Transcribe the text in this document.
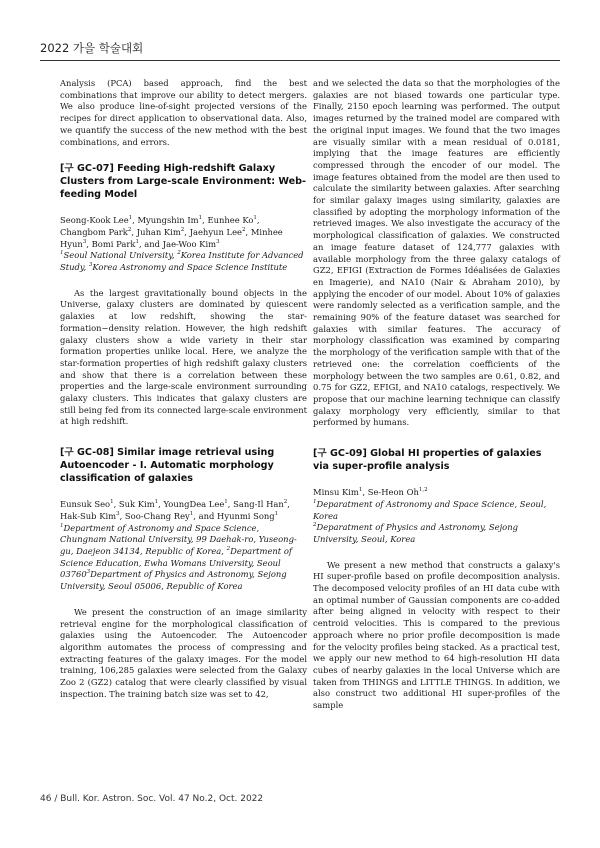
2022 가을 학술대회

Analysis (PCA) based approach, find the best combinations that improve our ability to detect mergers. We also produce line-of-sight projected versions of the recipes for direct application to observational data. Also, we quantify the success of the new method with the best combinations, and errors.

[구 GC-07] Feeding High-redshift Galaxy Clusters from Large-scale Environment: Web-feeding Model

Seong-Kook Lee$^1$, Myungshin Im$^1$, Eunhee Ko$^1$, Changbom Park$^2$, Juhan Kim$^2$, Jaehyun Lee$^2$, Minhee Hyun$^3$, Bomi Park$^1$, and Jae-Woo Kim$^3$

$^1$Seoul National University, $^2$Korea Institute for Advanced Study, $^3$Korea Astronomy and Space Science Institute

As the largest gravitationally bound objects in the Universe, galaxy clusters are dominated by quiescent galaxies at low redshift, showing the star-formation−density relation. However, the high redshift galaxy clusters show a wide variety in their star formation properties unlike local. Here, we analyze the star-formation properties of high redshift galaxy clusters and show that there is a correlation between these properties and the large-scale environment surrounding galaxy clusters. This indicates that galaxy clusters are still being fed from its connected large-scale environment at high redshift.

[구 GC-08] Similar image retrieval using Autoencoder - I. Automatic morphology classification of galaxies

Eunsuk Seo$^1$, Suk Kim$^1$, YoungDea Lee$^1$, Sang-Il Han$^2$, Hak-Sub Kim$^3$, Soo-Chang Rey$^1$, and Hyunmi Song$^1$

$^1$Department of Astronomy and Space Science, Chungnam National University, 99 Daehak-ro, Yuseong-gu, Daejeon 34134, Republic of Korea, $^2$Department of Science Education, Ewha Womans University, Seoul 03760$^3$Department of Physics and Astronomy, Sejong University, Seoul 05006, Republic of Korea

We present the construction of an image similarity retrieval engine for the morphological classification of galaxies using the Autoencoder. The Autoencoder algorithm automates the process of compressing and extracting features of the galaxy images. For the model training, 106,285 galaxies were selected from the Galaxy Zoo 2 (GZ2) catalog that were clearly classified by visual inspection. The training batch size was set to 42,

and we selected the data so that the morphologies of the galaxies are not biased towards one particular type. Finally, 2150 epoch learning was performed. The output images returned by the trained model are compared with the original input images. We found that the two images are visually similar with a mean residual of 0.0181, implying that the image features are efficiently compressed through the encoder of our model. The image features obtained from the model are then used to calculate the similarity between galaxies. After searching for similar galaxy images using similarity, galaxies are classified by adopting the morphology information of the retrieved images. We also investigate the accuracy of the morphological classification of galaxies. We constructed an image feature dataset of 124,777 galaxies with available morphology from the three galaxy catalogs of GZ2, EFIGI (Extraction de Formes Idéalisées de Galaxies en Imagerie), and NA10 (Nair & Abraham 2010), by applying the encoder of our model. About 10% of galaxies were randomly selected as a verification sample, and the remaining 90% of the feature dataset was searched for galaxies with similar features. The accuracy of morphology classification was examined by comparing the morphology of the verification sample with that of the retrieved one: the correlation coefficients of the morphology between the two samples are 0.61, 0.82, and 0.75 for GZ2, EFIGI, and NA10 catalogs, respectively. We propose that our machine learning technique can classify galaxy morphology very efficiently, similar to that performed by humans.

[구 GC-09] Global HI properties of galaxies via super-profile analysis

Minsu Kim$^1$, Se-Heon Oh$^{1,2}$

$^1$Deparatment of Astronomy and Space Science, Seoul, Korea
$^2$Deparatment of Physics and Astronomy, Sejong University, Seoul, Korea

We present a new method that constructs a galaxy's HI super-profile based on profile decomposition analysis. The decomposed velocity profiles of an HI data cube with an optimal number of Gaussian components are co-added after being aligned in velocity with respect to their centroid velocities. This is compared to the previous approach where no prior profile decomposition is made for the velocity profiles being stacked. As a practical test, we apply our new method to 64 high-resolution HI data cubes of nearby galaxies in the local Universe which are taken from THINGS and LITTLE THINGS. In addition, we also construct two additional HI super-profiles of the sample

46 / Bull. Kor. Astron. Soc. Vol. 47 No.2, Oct. 2022
